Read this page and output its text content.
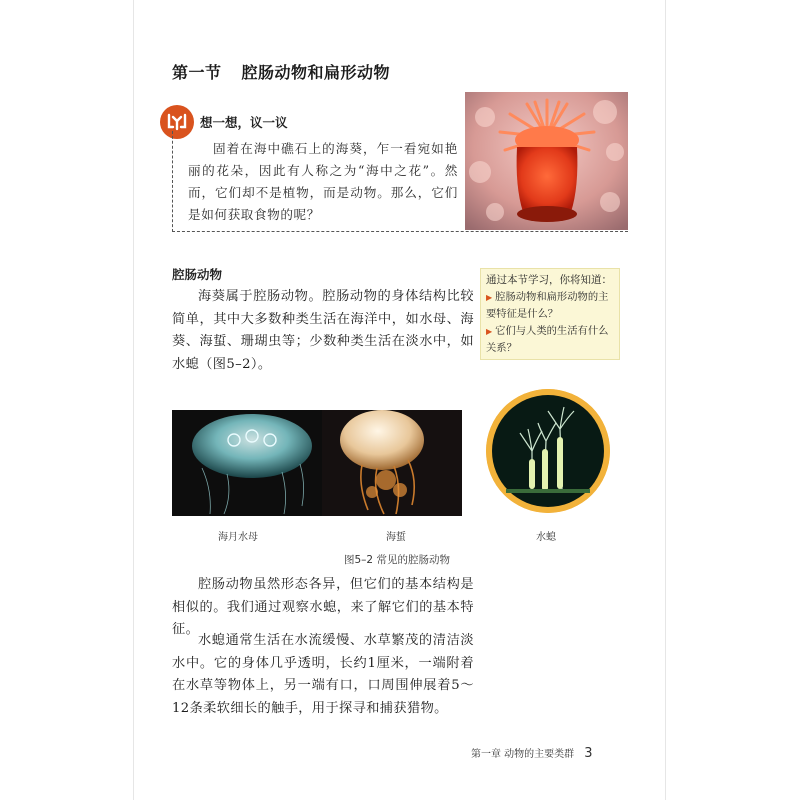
第一节 腔肠动物和扁形动物
想一想，议一议
固着在海中礁石上的海葵，乍一看宛如艳丽的花朵，因此有人称之为“海中之花”。然而，它们却不是植物，而是动物。那么，它们是如何获取食物的呢？
腔肠动物
海葵属于腔肠动物。腔肠动物的身体结构比较简单，其中大多数种类生活在海洋中，如水母、海葵、海蜇、珊瑚虫等；少数种类生活在淡水中，如水螅（图5–2）。
通过本节学习，你将知道：
▶ 腔肠动物和扁形动物的主要特征是什么？
▶ 它们与人类的生活有什么关系？
海月水母	海蜇	水螅
图5–2 常见的腔肠动物
腔肠动物虽然形态各异，但它们的基本结构是相似的。我们通过观察水螅，来了解它们的基本特征。
水螅通常生活在水流缓慢、水草繁茂的清洁淡水中。它的身体几乎透明，长约1厘米，一端附着在水草等物体上，另一端有口，口周围伸展着5～12条柔软细长的触手，用于探寻和捕获猎物。
第一章 动物的主要类群 3
